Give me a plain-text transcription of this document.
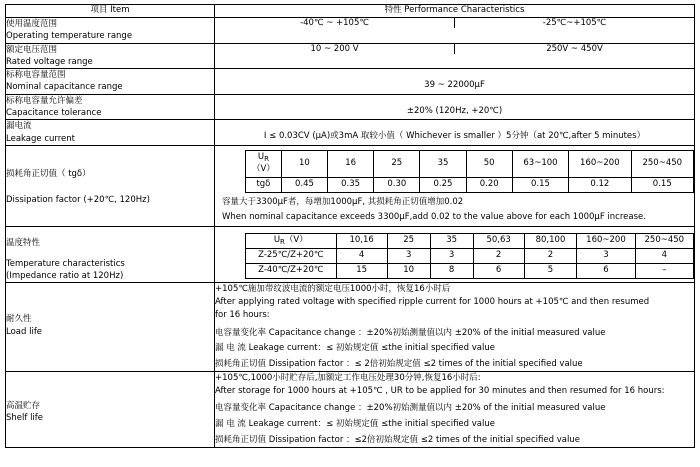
项目 Item	特性 Performance Characteristics

使用温度范围
Operating temperature range

-40℃ ~ +105℃	-25℃~+105℃

额定电压范围
Rated voltage range

10 ~ 200 V	250V ~ 450V

标称电容量范围
Nominal capacitance range	39 ~ 22000µF

标称电容量允许偏差
Capacitance tolerance	±20% (120Hz, +20℃)

漏电流
Leakage current	I ≤ 0.03CV (µA)或3mA 取较小值（ Whichever is smaller ）5分钟（at 20℃,after 5 minutes）

损耗角正切值（ tgδ）
Dissipation factor (+20℃, 120Hz)

$U_R(V)$	10	16	25	35	50	63~100	160~200	250~450
tgδ	0.45	0.35	0.30	0.25	0.20	0.15	0.12	0.15
容量大于3300µF者，每增加1000µF, 其损耗角正切值增加0.02
When nominal capacitance exceeds 3300µF,add 0.02 to the value above for each 1000µF increase.

温度特性
Temperature characteristics
(Impedance ratio at 120Hz)

$U_R(V)$	10,16	25	35	50,63	80,100	160~200	250~450
Z-25℃/Z+20℃	4	3	3	2	2	3	4
Z-40℃/Z+20℃	15	10	8	6	5	6	–

耐久性
Load life

+105℃施加带纹波电流的额定电压1000小时，恢复16小时后
After applying rated voltage with specified ripple current for 1000 hours at +105℃ and then resumed
for 16 hours:
电容量变化率 Capacitance change ：±20%初始测量值以内 ±20% of the initial measured value
漏 电 流 Leakage current：≤ 初始规定值 ≤the initial specified value
损耗角正切值 Dissipation factor ：≤ 2倍初始规定值 ≤2 times of the initial specified value

高温贮存
Shelf life

+105℃,1000小时贮存后,加额定工作电压处理30分钟,恢复16小时后:
After storage for 1000 hours at +105℃ , UR to be applied for 30 minutes and then resumed for 16 hours:
电容量变化率 Capacitance change ：±20%初始测量值以内 ±20% of the initial measured value
漏 电 流 Leakage current：≤ 初始规定值 ≤the initial specified value
损耗角正切值 Dissipation factor ：≤2倍初始规定值 ≤2 times of the initial specified value
